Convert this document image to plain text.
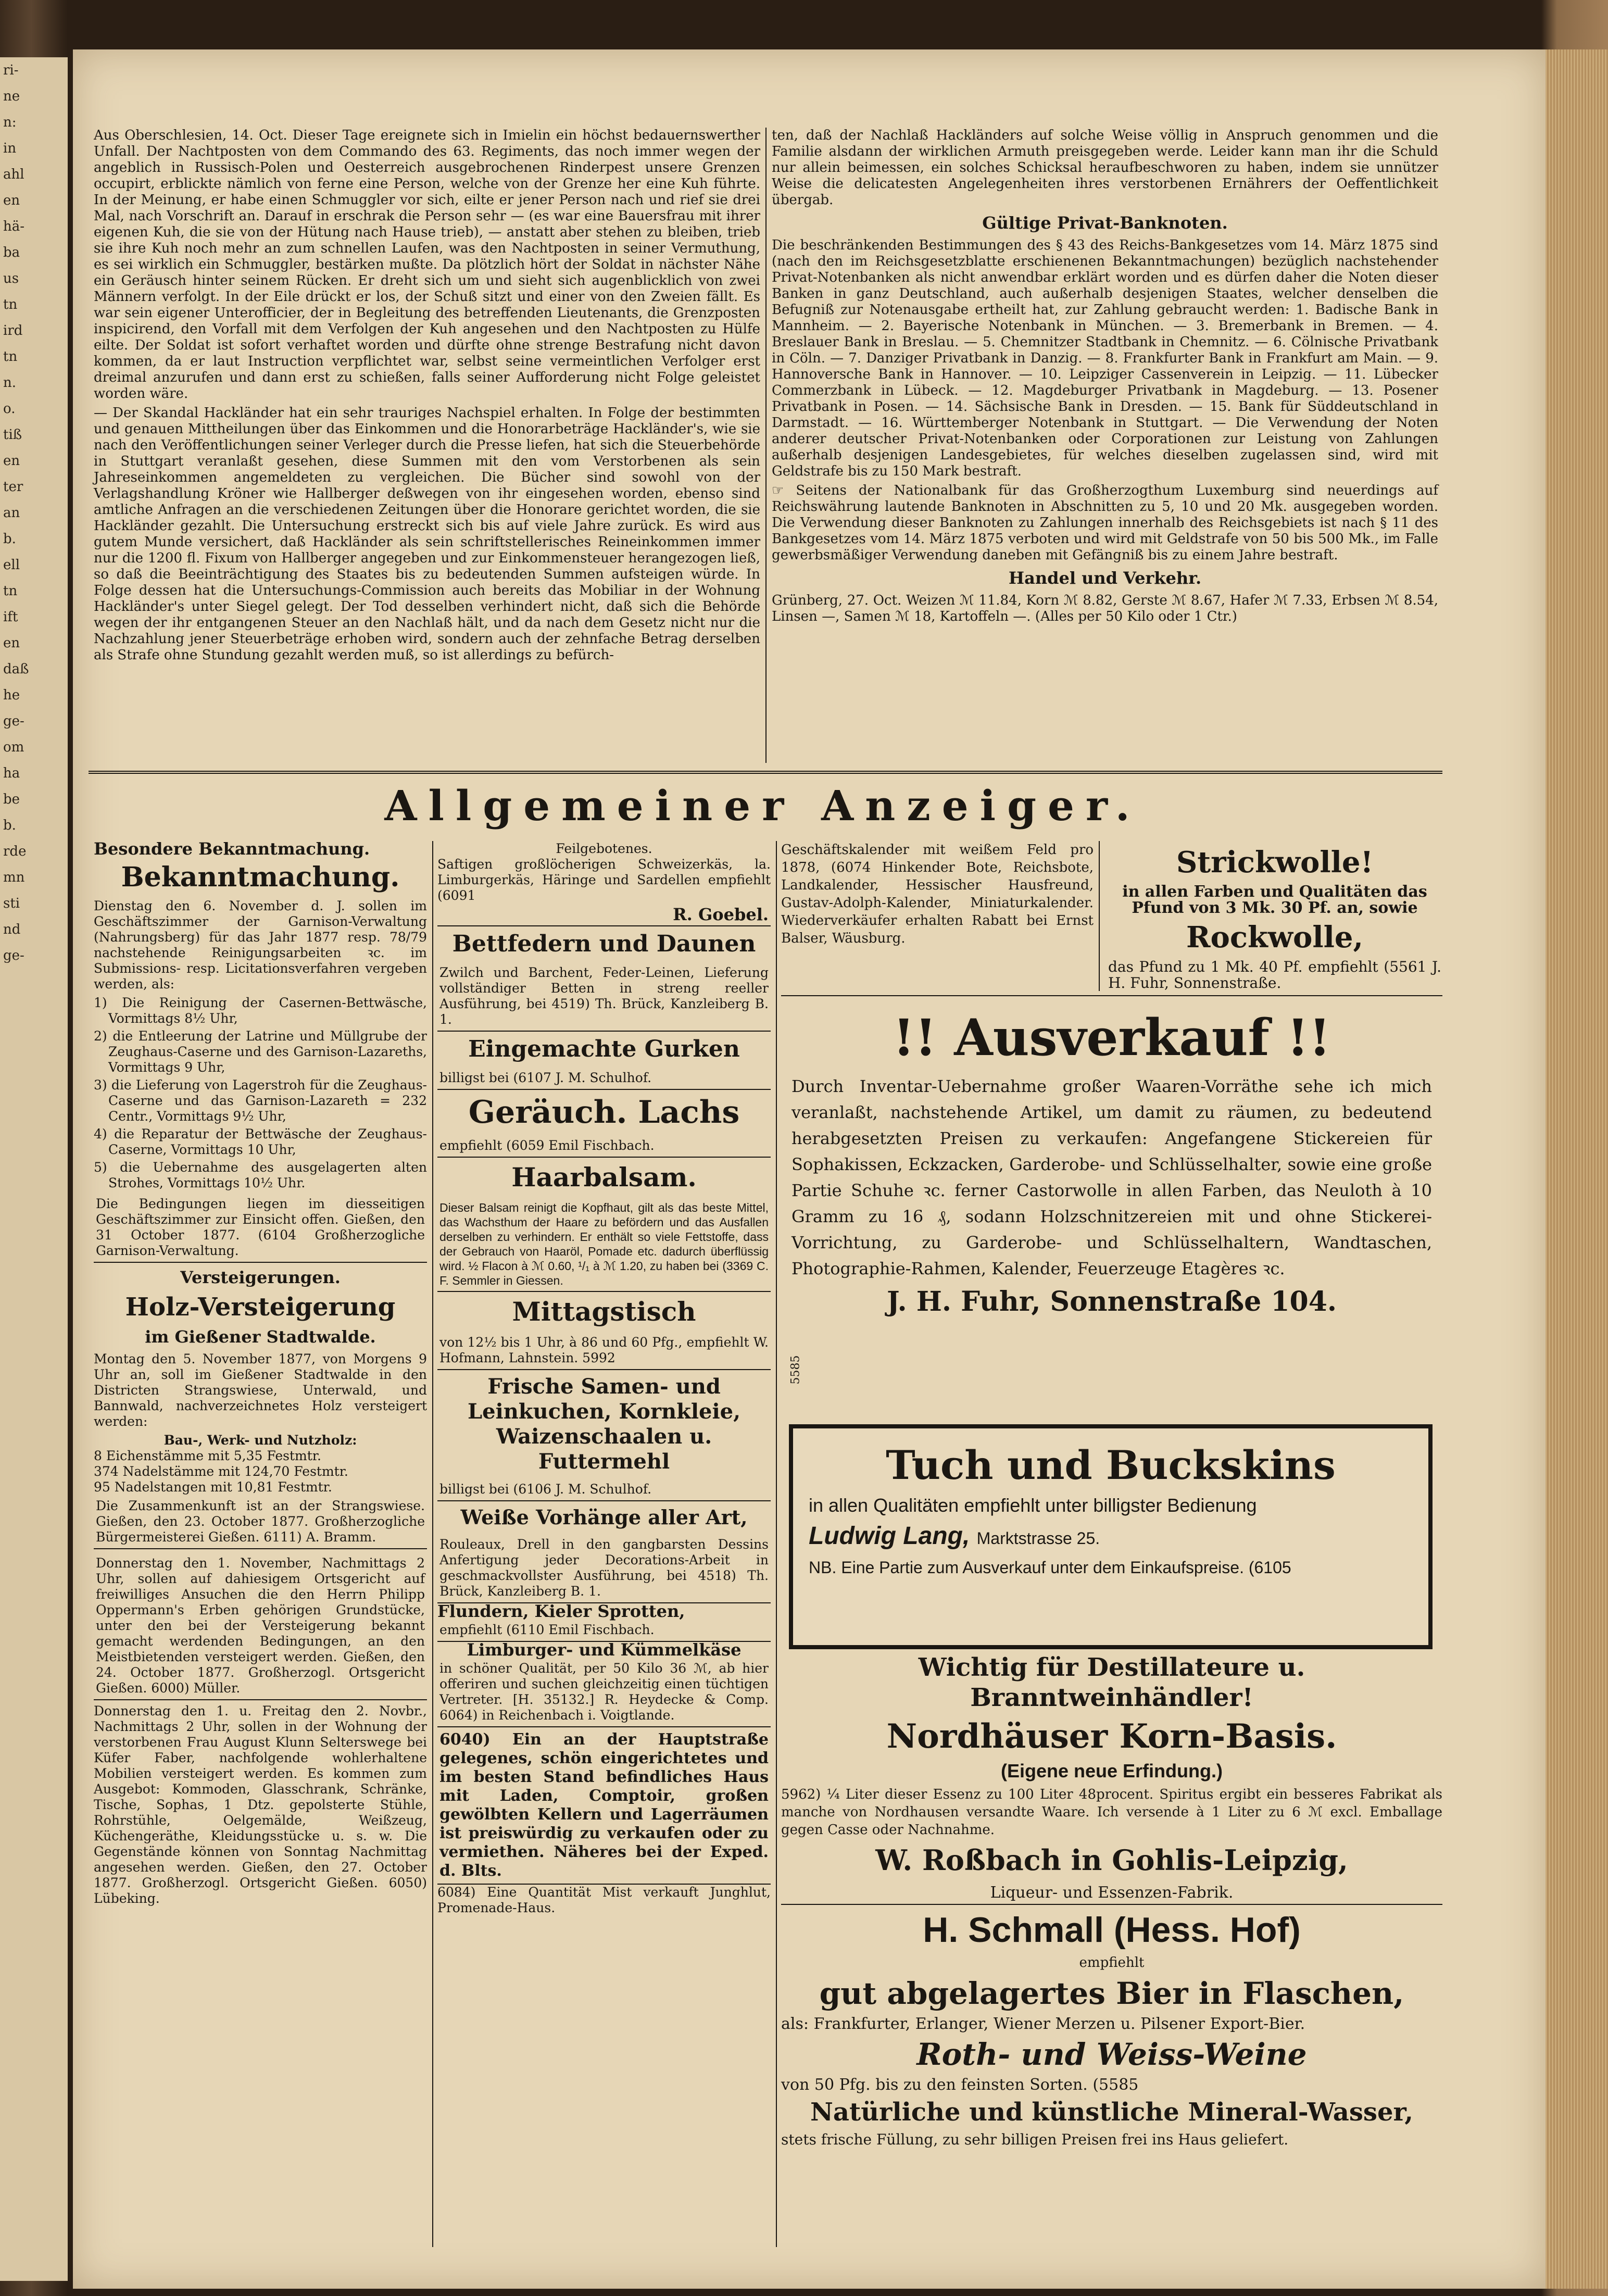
ri-
ne
n:
in
ahl
en
hä-
ba
us
tn
ird
tn
n.
o.
tiß
en
ter
an
b.
ell
tn
ift
en
daß
he
ge-
om
ha
be
b.
rde
mn
sti
nd
ge-

Aus Oberschlesien, 14. Oct. Dieser Tage ereignete sich in Imielin ein höchst bedauernswerther Unfall. Der Nachtposten von dem Commando des 63. Regiments, das noch immer wegen der angeblich in Russisch-Polen und Oesterreich ausgebrochenen Rinderpest unsere Grenzen occupirt, erblickte nämlich von ferne eine Person, welche von der Grenze her eine Kuh führte. In der Meinung, er habe einen Schmuggler vor sich, eilte er jener Person nach und rief sie drei Mal, nach Vorschrift an. Darauf in erschrak die Person sehr — (es war eine Bauersfrau mit ihrer eigenen Kuh, die sie von der Hütung nach Hause trieb), — anstatt aber stehen zu bleiben, trieb sie ihre Kuh noch mehr an zum schnellen Laufen, was den Nachtposten in seiner Vermuthung, es sei wirklich ein Schmuggler, bestärken mußte. Da plötzlich hört der Soldat in nächster Nähe ein Geräusch hinter seinem Rücken. Er dreht sich um und sieht sich augenblicklich von zwei Männern verfolgt. In der Eile drückt er los, der Schuß sitzt und einer von den Zweien fällt. Es war sein eigener Unterofficier, der in Begleitung des betreffenden Lieutenants, die Grenzposten inspicirend, den Vorfall mit dem Verfolgen der Kuh angesehen und den Nachtposten zu Hülfe eilte. Der Soldat ist sofort verhaftet worden und dürfte ohne strenge Bestrafung nicht davon kommen, da er laut Instruction verpflichtet war, selbst seine vermeintlichen Verfolger erst dreimal anzurufen und dann erst zu schießen, falls seiner Aufforderung nicht Folge geleistet worden wäre.

— Der Skandal Hackländer hat ein sehr trauriges Nachspiel erhalten. In Folge der bestimmten und genauen Mittheilungen über das Einkommen und die Honorarbeträge Hackländer's, wie sie nach den Veröffentlichungen seiner Verleger durch die Presse liefen, hat sich die Steuerbehörde in Stuttgart veranlaßt gesehen, diese Summen mit den vom Verstorbenen als sein Jahreseinkommen angemeldeten zu vergleichen. Die Bücher sind sowohl von der Verlagshandlung Kröner wie Hallberger deßwegen von ihr eingesehen worden, ebenso sind amtliche Anfragen an die verschiedenen Zeitungen über die Honorare gerichtet worden, die sie Hackländer gezahlt. Die Untersuchung erstreckt sich bis auf viele Jahre zurück. Es wird aus gutem Munde versichert, daß Hackländer als sein schriftstellerisches Reineinkommen immer nur die 1200 fl. Fixum von Hallberger angegeben und zur Einkommensteuer herangezogen ließ, so daß die Beeinträchtigung des Staates bis zu bedeutenden Summen aufsteigen würde. In Folge dessen hat die Untersuchungs-Commission auch bereits das Mobiliar in der Wohnung Hackländer's unter Siegel gelegt. Der Tod desselben verhindert nicht, daß sich die Behörde wegen der ihr entgangenen Steuer an den Nachlaß hält, und da nach dem Gesetz nicht nur die Nachzahlung jener Steuerbeträge erhoben wird, sondern auch der zehnfache Betrag derselben als Strafe ohne Stundung gezahlt werden muß, so ist allerdings zu befürch-

ten, daß der Nachlaß Hackländers auf solche Weise völlig in Anspruch genommen und die Familie alsdann der wirklichen Armuth preisgegeben werde. Leider kann man ihr die Schuld nur allein beimessen, ein solches Schicksal heraufbeschworen zu haben, indem sie unnützer Weise die delicatesten Angelegenheiten ihres verstorbenen Ernährers der Oeffentlichkeit übergab.

Gültige Privat-Banknoten.

Die beschränkenden Bestimmungen des § 43 des Reichs-Bankgesetzes vom 14. März 1875 sind (nach den im Reichsgesetzblatte erschienenen Bekanntmachungen) bezüglich nachstehender Privat-Notenbanken als nicht anwendbar erklärt worden und es dürfen daher die Noten dieser Banken in ganz Deutschland, auch außerhalb desjenigen Staates, welcher denselben die Befugniß zur Notenausgabe ertheilt hat, zur Zahlung gebraucht werden: 1. Badische Bank in Mannheim. — 2. Bayerische Notenbank in München. — 3. Bremerbank in Bremen. — 4. Breslauer Bank in Breslau. — 5. Chemnitzer Stadtbank in Chemnitz. — 6. Cölnische Privatbank in Cöln. — 7. Danziger Privatbank in Danzig. — 8. Frankfurter Bank in Frankfurt am Main. — 9. Hannoversche Bank in Hannover. — 10. Leipziger Cassenverein in Leipzig. — 11. Lübecker Commerzbank in Lübeck. — 12. Magdeburger Privatbank in Magdeburg. — 13. Posener Privatbank in Posen. — 14. Sächsische Bank in Dresden. — 15. Bank für Süddeutschland in Darmstadt. — 16. Württemberger Notenbank in Stuttgart. — Die Verwendung der Noten anderer deutscher Privat-Notenbanken oder Corporationen zur Leistung von Zahlungen außerhalb desjenigen Landesgebietes, für welches dieselben zugelassen sind, wird mit Geldstrafe bis zu 150 Mark bestraft.

☞ Seitens der Nationalbank für das Großherzogthum Luxemburg sind neuerdings auf Reichswährung lautende Banknoten in Abschnitten zu 5, 10 und 20 Mk. ausgegeben worden. Die Verwendung dieser Banknoten zu Zahlungen innerhalb des Reichsgebiets ist nach § 11 des Bankgesetzes vom 14. März 1875 verboten und wird mit Geldstrafe von 50 bis 500 Mk., im Falle gewerbsmäßiger Verwendung daneben mit Gefängniß bis zu einem Jahre bestraft.

Handel und Verkehr.

Grünberg, 27. Oct. Weizen ℳ 11.84, Korn ℳ 8.82, Gerste ℳ 8.67, Hafer ℳ 7.33, Erbsen ℳ 8.54, Linsen —, Samen ℳ 18, Kartoffeln —. (Alles per 50 Kilo oder 1 Ctr.)

Allgemeiner Anzeiger.
Besondere Bekanntmachung.
Bekanntmachung.

Dienstag den 6. November d. J. sollen im Geschäftszimmer der Garnison-Verwaltung (Nahrungsberg) für das Jahr 1877 resp. 78/79 nachstehende Reinigungsarbeiten ꝛc. im Submissions- resp. Licitationsverfahren vergeben werden, als:

1) Die Reinigung der Casernen-Bettwäsche, Vormittags 8½ Uhr,
2) die Entleerung der Latrine und Müllgrube der Zeughaus-Caserne und des Garnison-Lazareths, Vormittags 9 Uhr,
3) die Lieferung von Lagerstroh für die Zeughaus-Caserne und das Garnison-Lazareth = 232 Centr., Vormittags 9½ Uhr,
4) die Reparatur der Bettwäsche der Zeughaus-Caserne, Vormittags 10 Uhr,
5) die Uebernahme des ausgelagerten alten Strohes, Vormittags 10½ Uhr.

Die Bedingungen liegen im diesseitigen Geschäftszimmer zur Einsicht offen. Gießen, den 31 October 1877. (6104 Großherzogliche Garnison-Verwaltung.

Versteigerungen.
Holz-Versteigerung
im Gießener Stadtwalde.

Montag den 5. November 1877, von Morgens 9 Uhr an, soll im Gießener Stadtwalde in den Districten Strangswiese, Unterwald, und Bannwald, nachverzeichnetes Holz versteigert werden:

Bau-, Werk- und Nutzholz:
8 Eichenstämme mit 5,35 Festmtr.
374 Nadelstämme mit 124,70 Festmtr.
95 Nadelstangen mit 10,81 Festmtr.

Die Zusammenkunft ist an der Strangswiese. Gießen, den 23. October 1877. Großherzogliche Bürgermeisterei Gießen. 6111) A. Bramm.

Donnerstag den 1. November, Nachmittags 2 Uhr, sollen auf dahiesigem Ortsgericht auf freiwilliges Ansuchen die den Herrn Philipp Oppermann's Erben gehörigen Grundstücke, unter den bei der Versteigerung bekannt gemacht werdenden Bedingungen, an den Meistbietenden versteigert werden. Gießen, den 24. October 1877. Großherzogl. Ortsgericht Gießen. 6000) Müller.

Donnerstag den 1. u. Freitag den 2. Novbr., Nachmittags 2 Uhr, sollen in der Wohnung der verstorbenen Frau August Klunn Selterswege bei Küfer Faber, nachfolgende wohlerhaltene Mobilien versteigert werden. Es kommen zum Ausgebot: Kommoden, Glasschrank, Schränke, Tische, Sophas, 1 Dtz. gepolsterte Stühle, Rohrstühle, Oelgemälde, Weißzeug, Küchengeräthe, Kleidungsstücke u. s. w. Die Gegenstände können von Sonntag Nachmittag angesehen werden. Gießen, den 27. October 1877. Großherzogl. Ortsgericht Gießen. 6050) Lübeking.

Feilgebotenes.
Saftigen großlöcherigen Schweizerkäs, la. Limburgerkäs, Häringe und Sardellen empfiehlt (6091
R. Goebel.
Bettfedern und Daunen
Zwilch und Barchent, Feder-Leinen, Lieferung vollständiger Betten in streng reeller Ausführung, bei 4519) Th. Brück, Kanzleiberg B. 1.
Eingemachte Gurken
billigst bei (6107 J. M. Schulhof.
Geräuch. Lachs
empfiehlt (6059 Emil Fischbach.
Haarbalsam.
Dieser Balsam reinigt die Kopfhaut, gilt als das beste Mittel, das Wachsthum der Haare zu befördern und das Ausfallen derselben zu verhindern. Er enthält so viele Fettstoffe, dass der Gebrauch von Haaröl, Pomade etc. dadurch überflüssig wird. ½ Flacon à ℳ 0.60, ¹/₁ à ℳ 1.20, zu haben bei (3369 C. F. Semmler in Giessen.
Mittagstisch
von 12½ bis 1 Uhr, à 86 und 60 Pfg., empfiehlt W. Hofmann, Lahnstein. 5992
Frische Samen- und Leinkuchen, Kornkleie, Waizenschaalen u. Futtermehl
billigst bei (6106 J. M. Schulhof.
Weiße Vorhänge aller Art,
Rouleaux, Drell in den gangbarsten Dessins Anfertigung jeder Decorations-Arbeit in geschmackvollster Ausführung, bei 4518) Th. Brück, Kanzleiberg B. 1.
Flundern, Kieler Sprotten,
empfiehlt (6110 Emil Fischbach.
Limburger- und Kümmelkäse
in schöner Qualität, per 50 Kilo 36 ℳ, ab hier offeriren und suchen gleichzeitig einen tüchtigen Vertreter. [H. 35132.] R. Heydecke & Comp. 6064) in Reichenbach i. Voigtlande.
6040) Ein an der Hauptstraße gelegenes, schön eingerichtetes und im besten Stand befindliches Haus mit Laden, Comptoir, großen gewölbten Kellern und Lagerräumen ist preiswürdig zu verkaufen oder zu vermiethen. Näheres bei der Exped. d. Blts.
6084) Eine Quantität Mist verkauft Junghlut, Promenade-Haus.
Geschäftskalender mit weißem Feld pro 1878, (6074 Hinkender Bote, Reichsbote, Landkalender, Hessischer Hausfreund, Gustav-Adolph-Kalender, Miniaturkalender. Wiederverkäufer erhalten Rabatt bei Ernst Balser, Wäusburg.
Strickwolle!
in allen Farben und Qualitäten das Pfund von 3 Mk. 30 Pf. an, sowie
Rockwolle,
das Pfund zu 1 Mk. 40 Pf. empfiehlt (5561 J. H. Fuhr, Sonnenstraße.
!! Ausverkauf !!
Durch Inventar-Uebernahme großer Waaren-Vorräthe sehe ich mich veranlaßt, nachstehende Artikel, um damit zu räumen, zu bedeutend herabgesetzten Preisen zu verkaufen: Angefangene Stickereien für Sophakissen, Eckzacken, Garderobe- und Schlüsselhalter, sowie eine große Partie Schuhe ꝛc. ferner Castorwolle in allen Farben, das Neuloth à 10 Gramm zu 16 ₰, sodann Holzschnitzereien mit und ohne Stickerei-Vorrichtung, zu Garderobe- und Schlüsselhaltern, Wandtaschen, Photographie-Rahmen, Kalender, Feuerzeuge Etagères ꝛc.
J. H. Fuhr, Sonnenstraße 104.
5585
Tuch und Buckskins
in allen Qualitäten empfiehlt unter billigster Bedienung
Ludwig Lang, Marktstrasse 25.
NB. Eine Partie zum Ausverkauf unter dem Einkaufspreise. (6105
Wichtig für Destillateure u. Branntweinhändler!
Nordhäuser Korn-Basis.
(Eigene neue Erfindung.)
5962) ¼ Liter dieser Essenz zu 100 Liter 48procent. Spiritus ergibt ein besseres Fabrikat als manche von Nordhausen versandte Waare. Ich versende à 1 Liter zu 6 ℳ excl. Emballage gegen Casse oder Nachnahme.
W. Roßbach in Gohlis-Leipzig,
Liqueur- und Essenzen-Fabrik.
H. Schmall (Hess. Hof)
empfiehlt
gut abgelagertes Bier in Flaschen,
als: Frankfurter, Erlanger, Wiener Merzen u. Pilsener Export-Bier.
Roth- und Weiss-Weine
von 50 Pfg. bis zu den feinsten Sorten. (5585
Natürliche und künstliche Mineral-Wasser,
stets frische Füllung, zu sehr billigen Preisen frei ins Haus geliefert.
